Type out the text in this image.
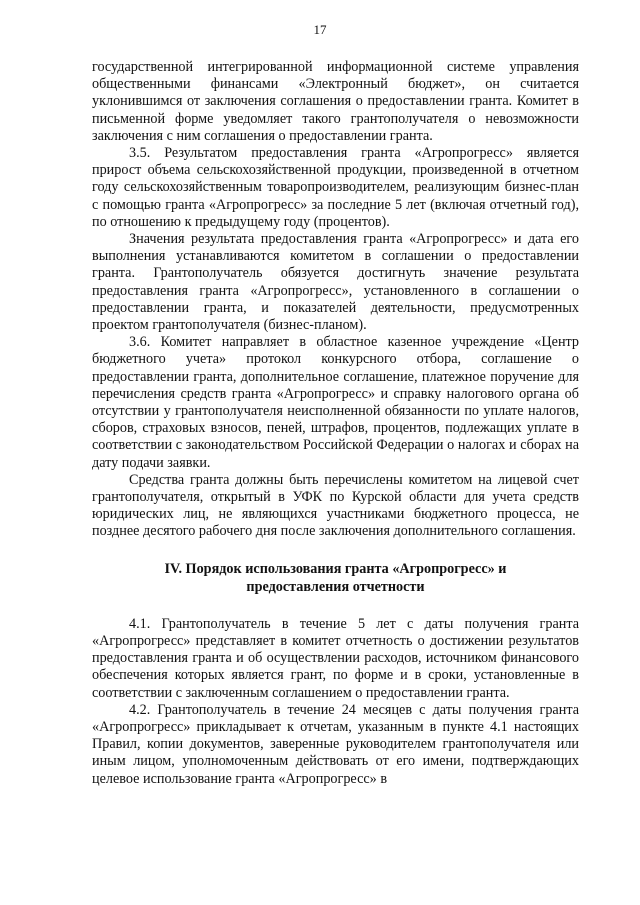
17

государственной интегрированной информационной системе управления общественными финансами «Электронный бюджет», он считается уклонившимся от заключения соглашения о предоставлении гранта. Комитет в письменной форме уведомляет такого грантополучателя о невозможности заключения с ним соглашения о предоставлении гранта.

3.5. Результатом предоставления гранта «Агропрогресс» является прирост объема сельскохозяйственной продукции, произведенной в отчетном году сельскохозяйственным товаропроизводителем, реализующим бизнес-план с помощью гранта «Агропрогресс» за последние 5 лет (включая отчетный год), по отношению к предыдущему году (процентов).

Значения результата предоставления гранта «Агропрогресс» и дата его выполнения устанавливаются комитетом в соглашении о предоставлении гранта. Грантополучатель обязуется достигнуть значение результата предоставления гранта «Агропрогресс», установленного в соглашении о предоставлении гранта, и показателей деятельности, предусмотренных проектом грантополучателя (бизнес-планом).

3.6. Комитет направляет в областное казенное учреждение «Центр бюджетного учета» протокол конкурсного отбора, соглашение о предоставлении гранта, дополнительное соглашение, платежное поручение для перечисления средств гранта «Агропрогресс» и справку налогового органа об отсутствии у грантополучателя неисполненной обязанности по уплате налогов, сборов, страховых взносов, пеней, штрафов, процентов, подлежащих уплате в соответствии с законодательством Российской Федерации о налогах и сборах на дату подачи заявки.

Средства гранта должны быть перечислены комитетом на лицевой счет грантополучателя, открытый в УФК по Курской области для учета средств юридических лиц, не являющихся участниками бюджетного процесса, не позднее десятого рабочего дня после заключения дополнительного соглашения.

IV. Порядок использования гранта «Агропрогресс» и
предоставления отчетности

4.1. Грантополучатель в течение 5 лет с даты получения гранта «Агропрогресс» представляет в комитет отчетность о достижении результатов предоставления гранта и об осуществлении расходов, источником финансового обеспечения которых является грант, по форме и в сроки, установленные в соответствии с заключенным соглашением о предоставлении гранта.

4.2. Грантополучатель в течение 24 месяцев с даты получения гранта «Агропрогресс» прикладывает к отчетам, указанным в пункте 4.1 настоящих Правил, копии документов, заверенные руководителем грантополучателя или иным лицом, уполномоченным действовать от его имени, подтверждающих целевое использование гранта «Агропрогресс» в
